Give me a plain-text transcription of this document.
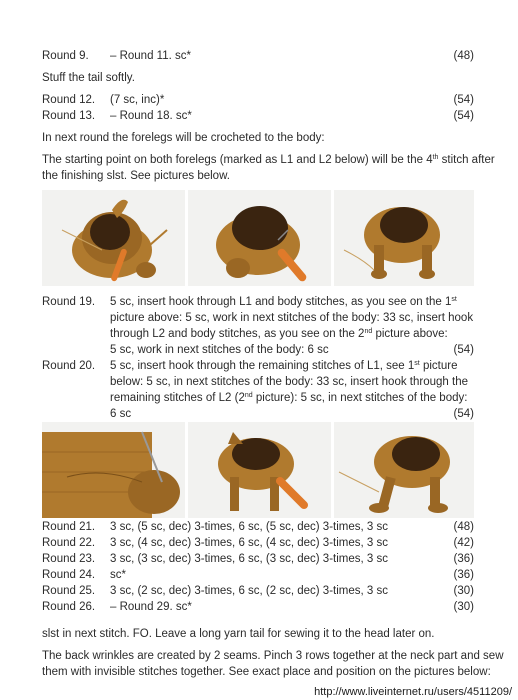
Round 9. – Round 11. sc*	(48)
Stuff the tail softly.
Round 12. (7 sc, inc)*	(54)
Round 13. – Round 18. sc*	(54)
In next round the forelegs will be crocheted to the body:
The starting point on both forelegs (marked as L1 and L2 below) will be the 4th stitch after
the finishing slst. See pictures below.
Round 19. 5 sc, insert hook through L1 and body stitches, as you see on the 1st
picture above: 5 sc, work in next stitches of the body: 33 sc, insert hook
through L2 and body stitches, as you see on the 2nd picture above:
5 sc, work in next stitches of the body: 6 sc	(54)
Round 20. 5 sc, insert hook through the remaining stitches of L1, see 1st picture
below: 5 sc, in next stitches of the body: 33 sc, insert hook through the
remaining stitches of L2 (2nd picture): 5 sc, in next stitches of the body:
6 sc	(54)
Round 21. 3 sc, (5 sc, dec) 3-times, 6 sc, (5 sc, dec) 3-times, 3 sc	(48)
Round 22. 3 sc, (4 sc, dec) 3-times, 6 sc, (4 sc, dec) 3-times, 3 sc	(42)
Round 23. 3 sc, (3 sc, dec) 3-times, 6 sc, (3 sc, dec) 3-times, 3 sc	(36)
Round 24. sc*	(36)
Round 25. 3 sc, (2 sc, dec) 3-times, 6 sc, (2 sc, dec) 3-times, 3 sc	(30)
Round 26. – Round 29. sc*	(30)
slst in next stitch. FO. Leave a long yarn tail for sewing it to the head later on.
The back wrinkles are created by 2 seams. Pinch 3 rows together at the neck part and sew
them with invisible stitches together. See exact place and position on the pictures below:
http://www.liveinternet.ru/users/4511209/
